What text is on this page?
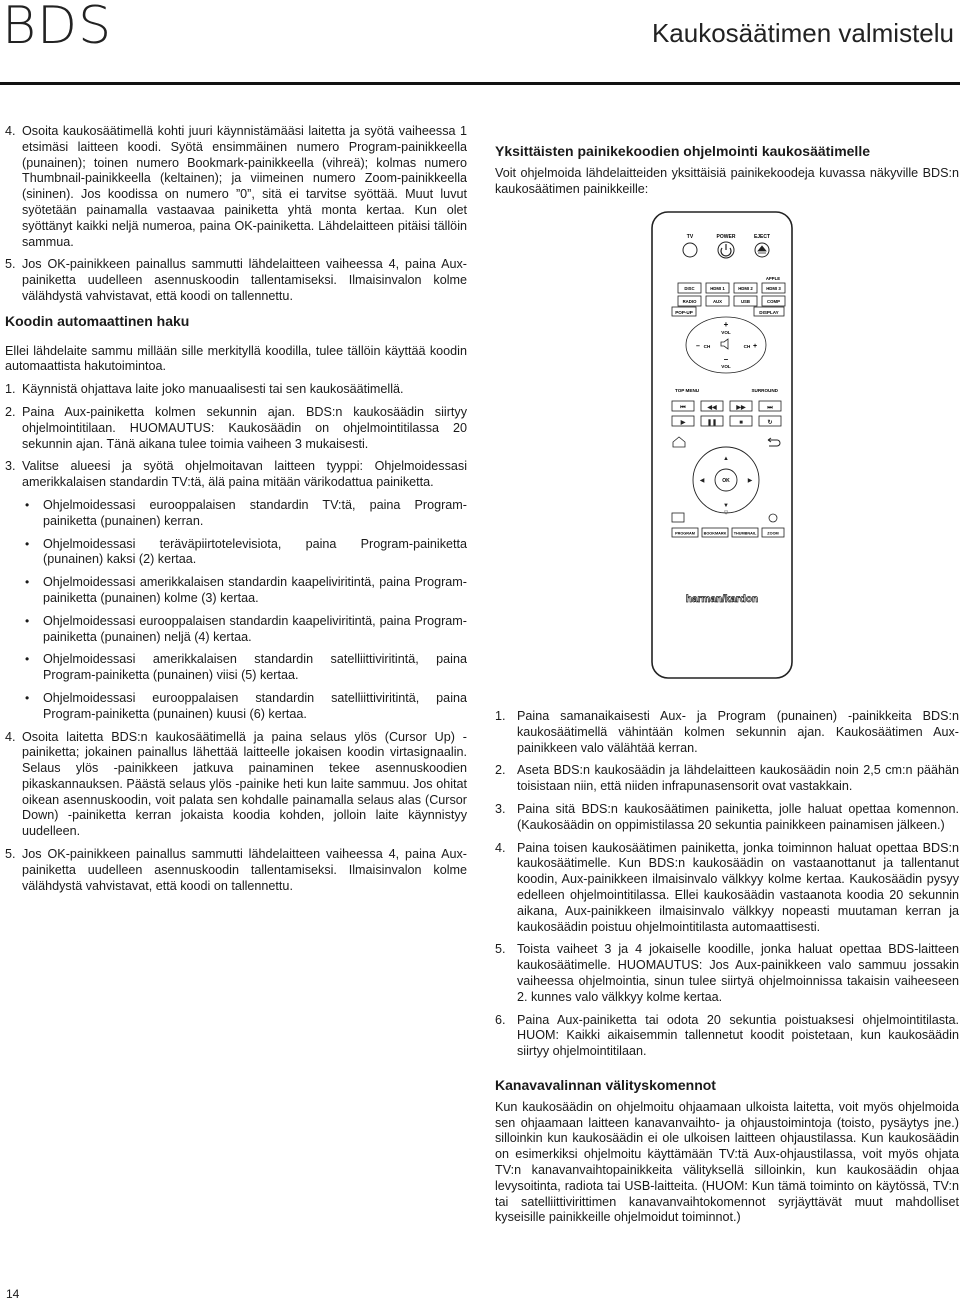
BDS	Kaukosäätimen valmistelu
4. Osoita kaukosäätimellä kohti juuri käynnistämääsi laitetta ja syötä vaiheessa 1 etsimäsi laitteen koodi. Syötä ensimmäinen numero Program-painikkeella (punainen); toinen numero Bookmark-painikkeella (vihreä); kolmas numero Thumbnail-painikkeella (keltainen); ja viimeinen numero Zoom-painikkeella (sininen). Jos koodissa on numero ”0”, sitä ei tarvitse syöttää. Muut luvut syötetään painamalla vastaavaa painiketta yhtä monta kertaa. Kun olet syöttänyt kaikki neljä numeroa, paina OK-painiketta. Lähdelaitteen pitäisi tällöin sammua.
5. Jos OK-painikkeen painallus sammutti lähdelaitteen vaiheessa 4, paina Aux-painiketta uudelleen asennuskoodin tallentamiseksi. Ilmaisinvalon kolme välähdystä vahvistavat, että koodi on tallennettu.
Koodin automaattinen haku

Ellei lähdelaite sammu millään sille merkityllä koodilla, tulee tällöin käyttää koodin automaattista hakutoimintoa.

1. Käynnistä ohjattava laite joko manuaalisesti tai sen kaukosäätimellä.
2. Paina Aux-painiketta kolmen sekunnin ajan. BDS:n kaukosäädin siirtyy ohjelmointitilaan. HUOMAUTUS: Kaukosäädin on ohjelmointitilassa 20 sekunnin ajan. Tänä aikana tulee toimia vaiheen 3 mukaisesti.
3. Valitse alueesi ja syötä ohjelmoitavan laitteen tyyppi: Ohjelmoidessasi amerikkalaisen standardin TV:tä, älä paina mitään värikodattua painiketta.
• Ohjelmoidessasi eurooppalaisen standardin TV:tä, paina Program-painiketta (punainen) kerran.
• Ohjelmoidessasi teräväpiirtotelevisiota, paina Program-painiketta (punainen) kaksi (2) kertaa.
• Ohjelmoidessasi amerikkalaisen standardin kaapeliviritintä, paina Program-painiketta (punainen) kolme (3) kertaa.
• Ohjelmoidessasi eurooppalaisen standardin kaapeliviritintä, paina Program-painiketta (punainen) neljä (4) kertaa.
• Ohjelmoidessasi amerikkalaisen standardin satelliittiviritintä, paina Program-painiketta (punainen) viisi (5) kertaa.
• Ohjelmoidessasi eurooppalaisen standardin satelliittiviritintä, paina Program-painiketta (punainen) kuusi (6) kertaa.
4. Osoita laitetta BDS:n kaukosäätimellä ja paina selaus ylös (Cursor Up) -painiketta; jokainen painallus lähettää laitteelle jokaisen koodin virtasignaalin. Selaus ylös -painikkeen jatkuva painaminen tekee asennuskoodien pikaskannauksen. Päästä selaus ylös -painike heti kun laite sammuu. Jos ohitat oikean asennuskoodin, voit palata sen kohdalle painamalla selaus alas (Cursor Down) -painiketta kerran jokaista koodia kohden, jolloin laite käynnistyy uudelleen.
5. Jos OK-painikkeen painallus sammutti lähdelaitteen vaiheessa 4, paina Aux-painiketta uudelleen asennuskoodin tallentamiseksi. Ilmaisinvalon kolme välähdystä vahvistavat, että koodi on tallennettu.
Yksittäisten painikekoodien ohjelmointi kaukosäätimelle

Voit ohjelmoida lähdelaitteiden yksittäisiä painikekoodeja kuvassa näkyville BDS:n kaukosäätimen painikkeille:

TV	POWER	EJECT
APPLE
DISC	HDMI 1	HDMI 2	HDMI 3
RADIO	AUX	USB	COMP
POP-UP	DISPLAY
+
VOL
VOL
–
– CH	CH +
TOP MENU	SURROUND
⏮	◀◀	▶▶	⏭
▶	❚❚	■	↻
OK
▲
▼
◀	▶
▽
PROGRAM BOOKMARK THUMBNAIL	ZOOM
harman/kardon
1. Paina samanaikaisesti Aux- ja Program (punainen) -painikkeita BDS:n kaukosäätimellä vähintään kolmen sekunnin ajan. Kaukosäätimen Aux-painikkeen valo välähtää kerran.
2. Aseta BDS:n kaukosäädin ja lähdelaitteen kaukosäädin noin 2,5 cm:n päähän toisistaan niin, että niiden infrapunasensorit ovat vastakkain.
3. Paina sitä BDS:n kaukosäätimen painiketta, jolle haluat opettaa komennon. (Kaukosäädin on oppimistilassa 20 sekuntia painikkeen painamisen jälkeen.)
4. Paina toisen kaukosäätimen painiketta, jonka toiminnon haluat opettaa BDS:n kaukosäätimelle. Kun BDS:n kaukosäädin on vastaanottanut ja tallentanut koodin, Aux-painikkeen ilmaisinvalo välkkyy kolme kertaa. Kaukosäädin pysyy edelleen ohjelmointitilassa. Ellei kaukosäädin vastaanota koodia 20 sekunnin aikana, Aux-painikkeen ilmaisinvalo välkkyy nopeasti muutaman kerran ja kaukosäädin poistuu ohjelmointitilasta automaattisesti.
5. Toista vaiheet 3 ja 4 jokaiselle koodille, jonka haluat opettaa BDS-laitteen kaukosäätimelle. HUOMAUTUS: Jos Aux-painikkeen valo sammuu jossakin vaiheessa ohjelmointia, sinun tulee siirtyä ohjelmoinnissa takaisin vaiheeseen 2. kunnes valo välkkyy kolme kertaa.
6. Paina Aux-painiketta tai odota 20 sekuntia poistuaksesi ohjelmointitilasta. HUOM: Kaikki aikaisemmin tallennetut koodit poistetaan, kun kaukosäädin siirtyy ohjelmointitilaan.
Kanavavalinnan välityskomennot

Kun kaukosäädin on ohjelmoitu ohjaamaan ulkoista laitetta, voit myös ohjelmoida sen ohjaamaan laitteen kanavanvaihto- ja ohjaustoimintoja (toisto, pysäytys jne.) silloinkin kun kaukosäädin ei ole ulkoisen laitteen ohjaustilassa. Kun kaukosäädin on esimerkiksi ohjelmoitu käyttämään TV:tä Aux-ohjaustilassa, voit myös ohjata TV:n kanavanvaihtopainikkeita välityksellä silloinkin, kun kaukosäädin ohjaa levysoitinta, radiota tai USB-laitteita. (HUOM: Kun tämä toiminto on käytössä, TV:n tai satelliittivirittimen kanavanvaihtokomennot syrjäyttävät muut mahdolliset kyseisille painikkeille ohjelmoidut toiminnot.)

14
